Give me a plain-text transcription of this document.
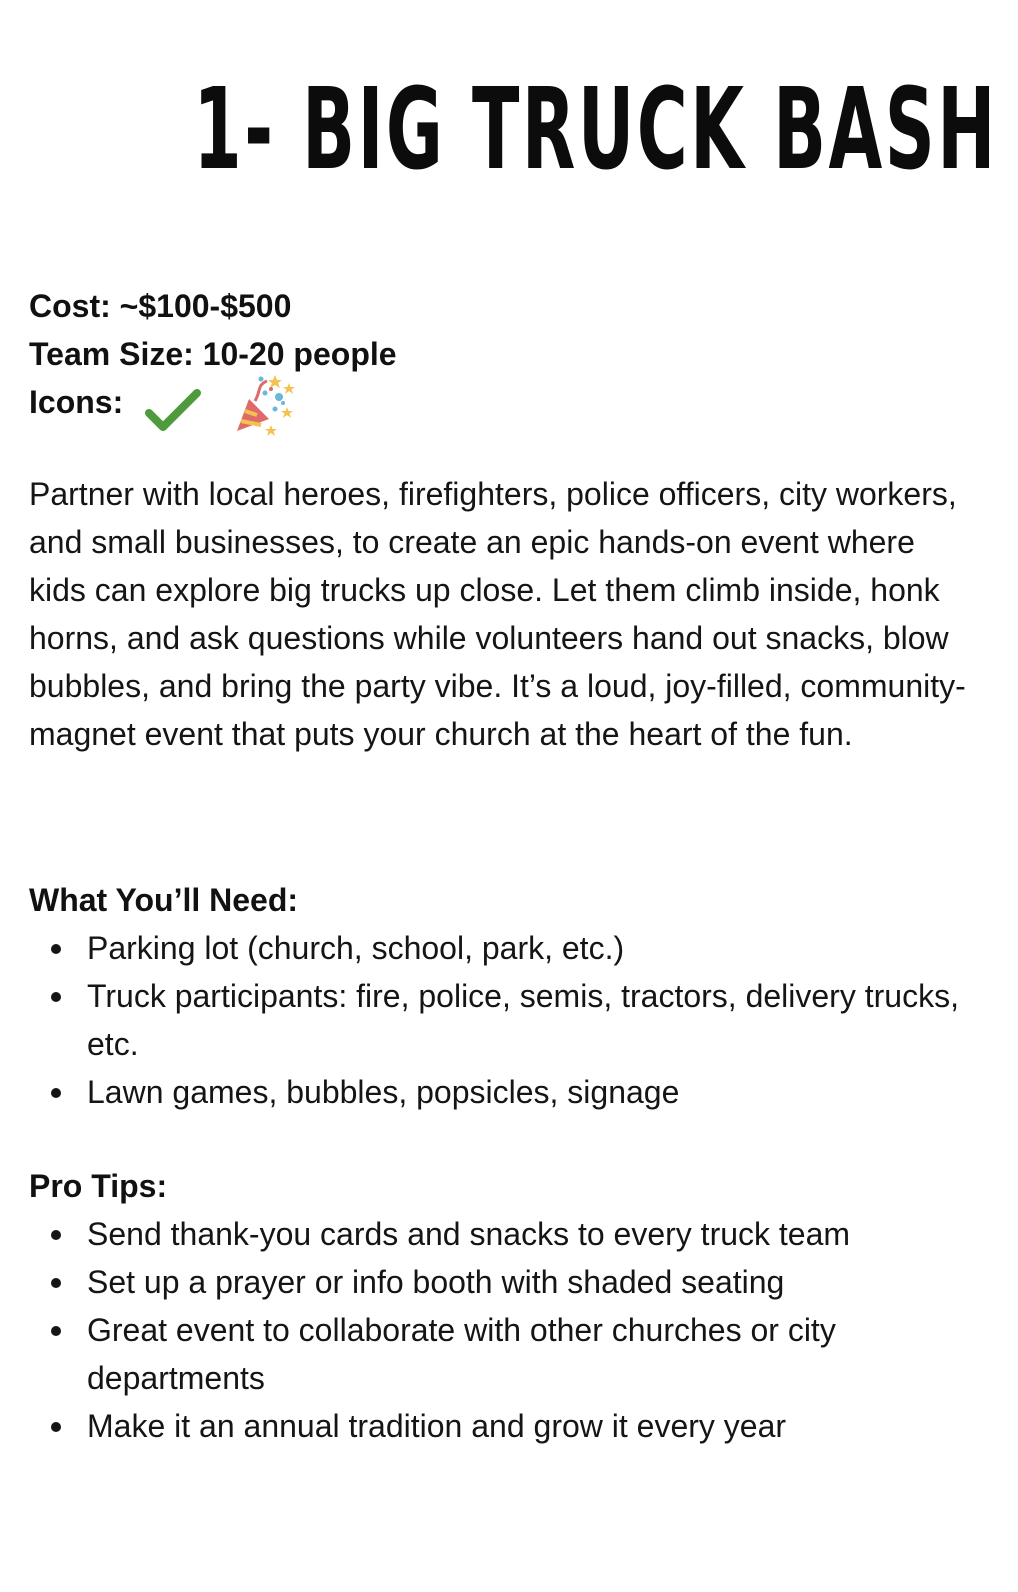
1- BIG TRUCK BASH
Cost: ~$100-$500
Team Size: 10-20 people
Icons:

Partner with local heroes, firefighters, police officers, city workers, and small businesses, to create an epic hands-on event where kids can explore big trucks up close. Let them climb inside, honk horns, and ask questions while volunteers hand out snacks, blow bubbles, and bring the party vibe. It’s a loud, joy-filled, community-magnet event that puts your church at the heart of the fun.

What You’ll Need:
Parking lot (church, school, park, etc.)
Truck participants: fire, police, semis, tractors, delivery trucks, etc.
Lawn games, bubbles, popsicles, signage
Pro Tips:
Send thank-you cards and snacks to every truck team
Set up a prayer or info booth with shaded seating
Great event to collaborate with other churches or city departments
Make it an annual tradition and grow it every year
